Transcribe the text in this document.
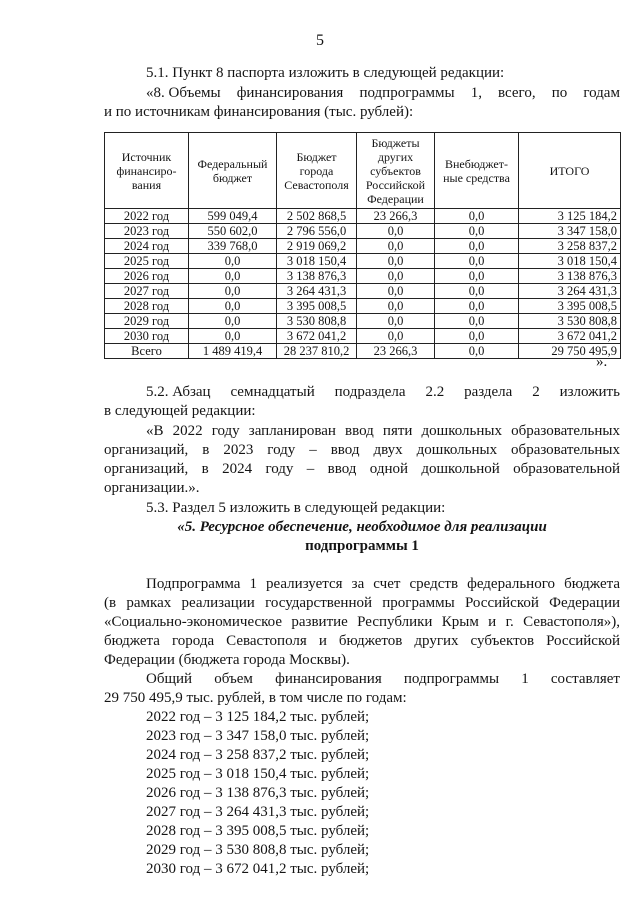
5
5.1. Пункт 8 паспорта изложить в следующей редакции:
«8. Объемы финансирования подпрограммы 1, всего, по годам
и по источникам финансирования (тыс. рублей):
Источник финансиро-вания	Федеральный бюджет	Бюджет города Севастополя	Бюджеты других субъектов Российской Федерации	Внебюджет-ные средства	ИТОГО
2022 год	599 049,4	2 502 868,5	23 266,3	0,0	3 125 184,2
2023 год	550 602,0	2 796 556,0	0,0	0,0	3 347 158,0
2024 год	339 768,0	2 919 069,2	0,0	0,0	3 258 837,2
2025 год	0,0	3 018 150,4	0,0	0,0	3 018 150,4
2026 год	0,0	3 138 876,3	0,0	0,0	3 138 876,3
2027 год	0,0	3 264 431,3	0,0	0,0	3 264 431,3
2028 год	0,0	3 395 008,5	0,0	0,0	3 395 008,5
2029 год	0,0	3 530 808,8	0,0	0,0	3 530 808,8
2030 год	0,0	3 672 041,2	0,0	0,0	3 672 041,2
Всего	1 489 419,4	28 237 810,2	23 266,3	0,0	29 750 495,9
».
5.2. Абзац семнадцатый подраздела 2.2 раздела 2 изложить
в следующей редакции:
«В 2022 году запланирован ввод пяти дошкольных образовательных
организаций, в 2023 году – ввод двух дошкольных образовательных
организаций, в 2024 году – ввод одной дошкольной образовательной
организации.».
5.3. Раздел 5 изложить в следующей редакции:
«5. Ресурсное обеспечение, необходимое для реализации
подпрограммы 1
Подпрограмма 1 реализуется за счет средств федерального бюджета
(в рамках реализации государственной программы Российской Федерации
«Социально-экономическое развитие Республики Крым и г. Севастополя»),
бюджета города Севастополя и бюджетов других субъектов Российской
Федерации (бюджета города Москвы).
Общий объем финансирования подпрограммы 1 составляет
29 750 495,9 тыс. рублей, в том числе по годам:
2022 год – 3 125 184,2 тыс. рублей;
2023 год – 3 347 158,0 тыс. рублей;
2024 год – 3 258 837,2 тыс. рублей;
2025 год – 3 018 150,4 тыс. рублей;
2026 год – 3 138 876,3 тыс. рублей;
2027 год – 3 264 431,3 тыс. рублей;
2028 год – 3 395 008,5 тыс. рублей;
2029 год – 3 530 808,8 тыс. рублей;
2030 год – 3 672 041,2 тыс. рублей;
